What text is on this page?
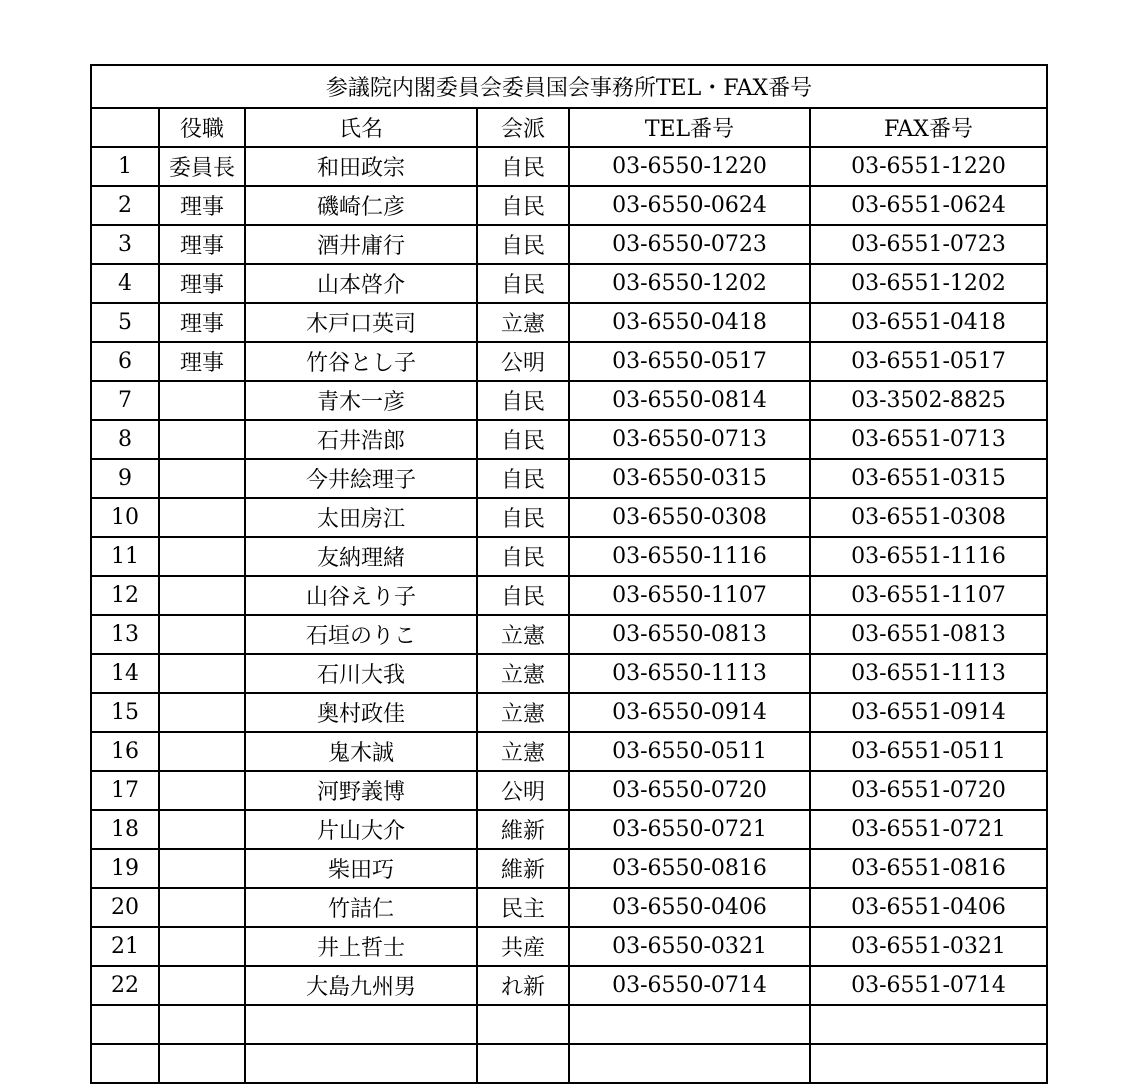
参議院内閣委員会委員国会事務所TEL・FAX番号					
	役職	氏名	会派	TEL番号	FAX番号
1	委員長	和田政宗	自民	03-6550-1220	03-6551-1220
2	理事	磯崎仁彦	自民	03-6550-0624	03-6551-0624
3	理事	酒井庸行	自民	03-6550-0723	03-6551-0723
4	理事	山本啓介	自民	03-6550-1202	03-6551-1202
5	理事	木戸口英司	立憲	03-6550-0418	03-6551-0418
6	理事	竹谷とし子	公明	03-6550-0517	03-6551-0517
7		青木一彦	自民	03-6550-0814	03-3502-8825
8		石井浩郎	自民	03-6550-0713	03-6551-0713
9		今井絵理子	自民	03-6550-0315	03-6551-0315
10		太田房江	自民	03-6550-0308	03-6551-0308
11		友納理緒	自民	03-6550-1116	03-6551-1116
12		山谷えり子	自民	03-6550-1107	03-6551-1107
13		石垣のりこ	立憲	03-6550-0813	03-6551-0813
14		石川大我	立憲	03-6550-1113	03-6551-1113
15		奥村政佳	立憲	03-6550-0914	03-6551-0914
16		鬼木誠	立憲	03-6550-0511	03-6551-0511
17		河野義博	公明	03-6550-0720	03-6551-0720
18		片山大介	維新	03-6550-0721	03-6551-0721
19		柴田巧	維新	03-6550-0816	03-6551-0816
20		竹詰仁	民主	03-6550-0406	03-6551-0406
21		井上哲士	共産	03-6550-0321	03-6551-0321
22		大島九州男	れ新	03-6550-0714	03-6551-0714
